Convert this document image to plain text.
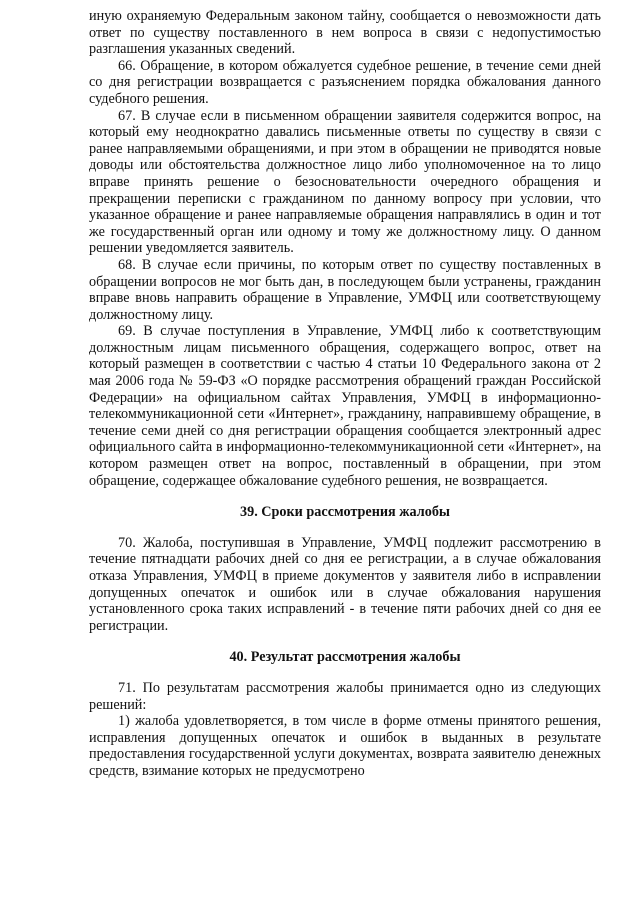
иную охраняемую Федеральным законом тайну, сообщается о невозможности дать ответ по существу поставленного в нем вопроса в связи с недопустимостью разглашения указанных сведений.

66. Обращение, в котором обжалуется судебное решение, в течение семи дней со дня регистрации возвращается с разъяснением порядка обжалования данного судебного решения.

67. В случае если в письменном обращении заявителя содержится вопрос, на который ему неоднократно давались письменные ответы по существу в связи с ранее направляемыми обращениями, и при этом в обращении не приводятся новые доводы или обстоятельства должностное лицо либо уполномоченное на то лицо вправе принять решение о безосновательности очередного обращения и прекращении переписки с гражданином по данному вопросу при условии, что указанное обращение и ранее направляемые обращения направлялись в один и тот же государственный орган или одному и тому же должностному лицу. О данном решении уведомляется заявитель.

68. В случае если причины, по которым ответ по существу поставленных в обращении вопросов не мог быть дан, в последующем были устранены, гражданин вправе вновь направить обращение в Управление, УМФЦ или соответствующему должностному лицу.

69. В случае поступления в Управление, УМФЦ либо к соответствующим должностным лицам письменного обращения, содержащего вопрос, ответ на который размещен в соответствии с частью 4 статьи 10 Федерального закона от 2 мая 2006 года № 59-ФЗ «О порядке рассмотрения обращений граждан Российской Федерации» на официальном сайтах Управления, УМФЦ в информационно-телекоммуникационной сети «Интернет», гражданину, направившему обращение, в течение семи дней со дня регистрации обращения сообщается электронный адрес официального сайта в информационно-телекоммуникационной сети «Интернет», на котором размещен ответ на вопрос, поставленный в обращении, при этом обращение, содержащее обжалование судебного решения, не возвращается.

39. Сроки рассмотрения жалобы

70. Жалоба, поступившая в Управление, УМФЦ подлежит рассмотрению в течение пятнадцати рабочих дней со дня ее регистрации, а в случае обжалования отказа Управления, УМФЦ в приеме документов у заявителя либо в исправлении допущенных опечаток и ошибок или в случае обжалования нарушения установленного срока таких исправлений - в течение пяти рабочих дней со дня ее регистрации.

40. Результат рассмотрения жалобы

71. По результатам рассмотрения жалобы принимается одно из следующих решений:

1) жалоба удовлетворяется, в том числе в форме отмены принятого решения, исправления допущенных опечаток и ошибок в выданных в результате предоставления государственной услуги документах, возврата заявителю денежных средств, взимание которых не предусмотрено
